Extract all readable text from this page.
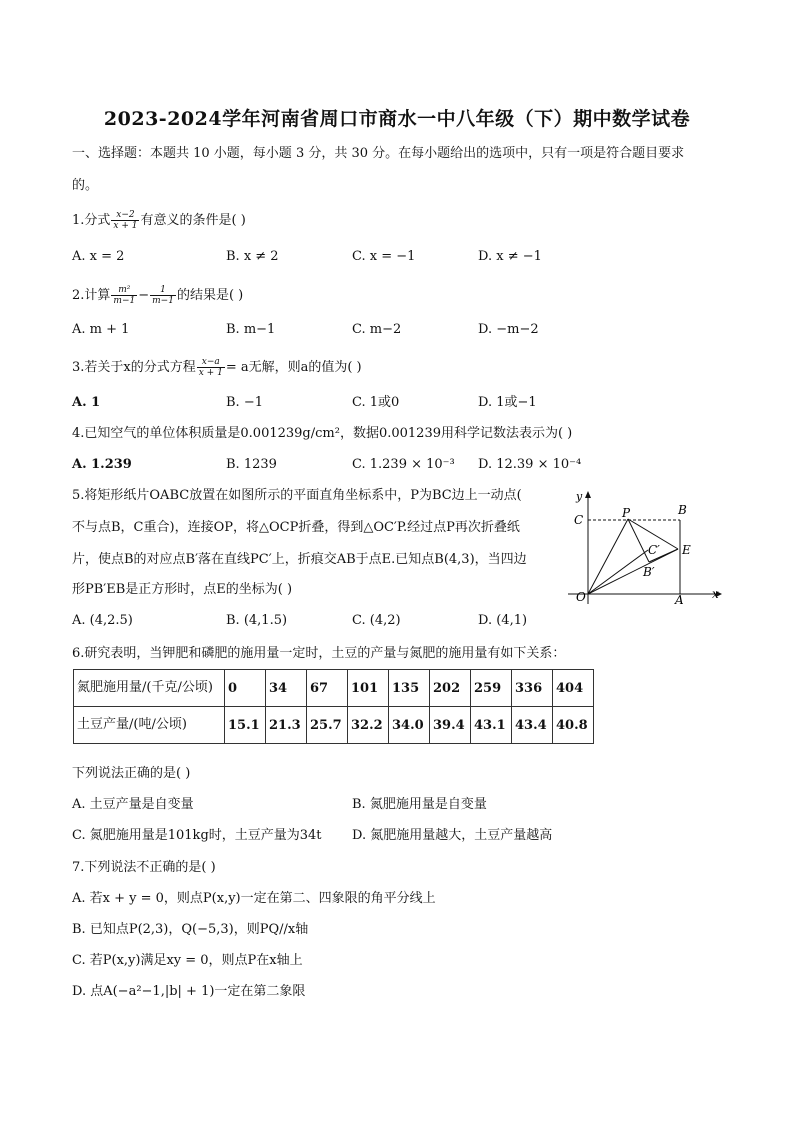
2023-2024学年河南省周口市商水一中八年级（下）期中数学试卷
一、选择题：本题共 10 小题，每小题 3 分，共 30 分。在每小题给出的选项中，只有一项是符合题目要求
的。
1.分式 $\frac{x-2}{x + 1}$ 有意义的条件是( )
A. x = 2	B. x ≠ 2	C. x = −1	D. x ≠ −1
2.计算 $\frac{\text{m²}}{m-1} - \frac{1}{m-1}$ 的结果是( )
A. m + 1	B. m−1	C. m−2	D. −m−2
3.若关于x的分式方程 $\frac{x-a}{x + 1} = a$无解，则a的值为( )
A. 1	B. −1	C. 1或0	D. 1或−1
4.已知空气的单位体积质量是0.001239g/cm²，数据0.001239用科学记数法表示为( )
A. 1.239	B. 1239	C. 1.239 × 10⁻³ D. 12.39 × 10⁻⁴
5.将矩形纸片OABC放置在如图所示的平面直角坐标系中，P为BC边上一动点(
不与点B，C重合)，连接OP，将△OCP折叠，得到△OC′P.经过点P再次折叠纸
片，使点B的对应点B′落在直线PC′上，折痕交AB于点E.已知点B(4,3)，当四边
形PB′EB是正方形时，点E的坐标为( )
A. (4,2.5)	B. (4,1.5)	C. (4,2)	D. (4,1)
y
x
C	P	B
C′ E
B′
O	A
6.研究表明，当钾肥和磷肥的施用量一定时，土豆的产量与氮肥的施用量有如下关系：
氮肥施用量/(千克/公顷)	0	34	67	101	135	202	259	336	404
土豆产量/(吨/公顷)	15.1	21.3	25.7	32.2	34.0	39.4	43.1	43.4	40.8
下列说法正确的是( )
A. 土豆产量是自变量	B. 氮肥施用量是自变量
C. 氮肥施用量是101kg时，土豆产量为34t D. 氮肥施用量越大，土豆产量越高
7.下列说法不正确的是( )
A. 若x + y = 0，则点P(x,y)一定在第二、四象限的角平分线上
B. 已知点P(2,3)，Q(−5,3)，则PQ//x轴
C. 若P(x,y)满足xy = 0，则点P在x轴上
D. 点A(−a²−1,|b| + 1)一定在第二象限
